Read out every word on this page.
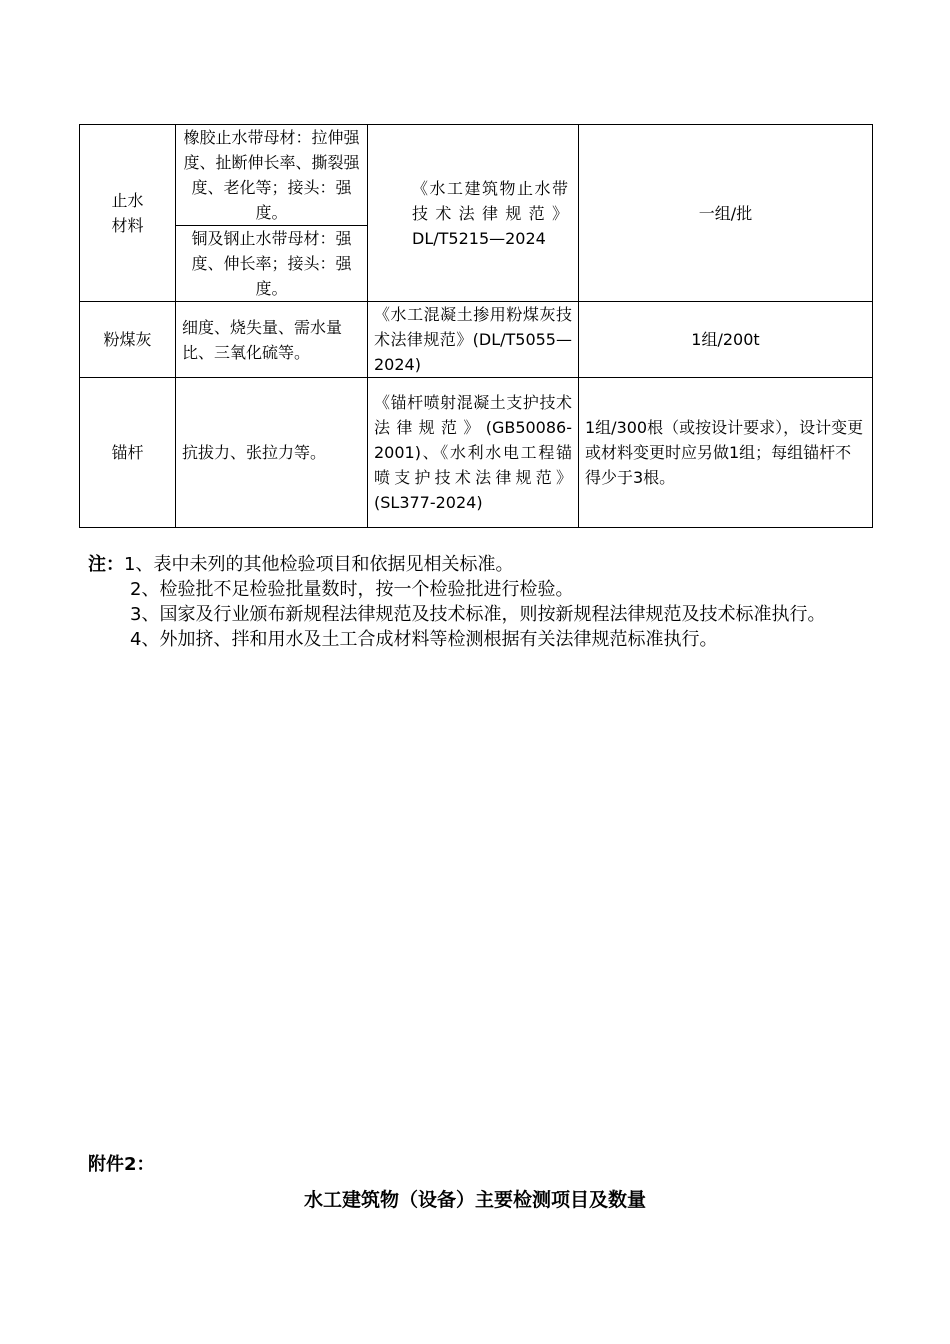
止水
材料	橡胶止水带母材：拉伸强度、扯断伸长率、撕裂强度、老化等；接头：强度。	《水工建筑物止水带技术法律规范》DL/T5215—2024	一组/批
	铜及钢止水带母材：强度、伸长率；接头：强度。		
粉煤灰	细度、烧失量、需水量比、三氧化硫等。	《水工混凝土掺用粉煤灰技术法律规范》(DL/T5055—2024)	1组/200t
锚杆	抗拔力、张拉力等。	《锚杆喷射混凝土支护技术法律规范》(GB50086-2001)、《水利水电工程锚喷支护技术法律规范》(SL377-2024)	1组/300根（或按设计要求），设计变更或材料变更时应另做1组；每组锚杆不得少于3根。

注：1、表中未列的其他检验项目和依据见相关标准。

2、检验批不足检验批量数时，按一个检验批进行检验。

3、国家及行业颁布新规程法律规范及技术标准，则按新规程法律规范及技术标准执行。

4、外加挤、拌和用水及土工合成材料等检测根据有关法律规范标准执行。

附件2：
水工建筑物（设备）主要检测项目及数量
